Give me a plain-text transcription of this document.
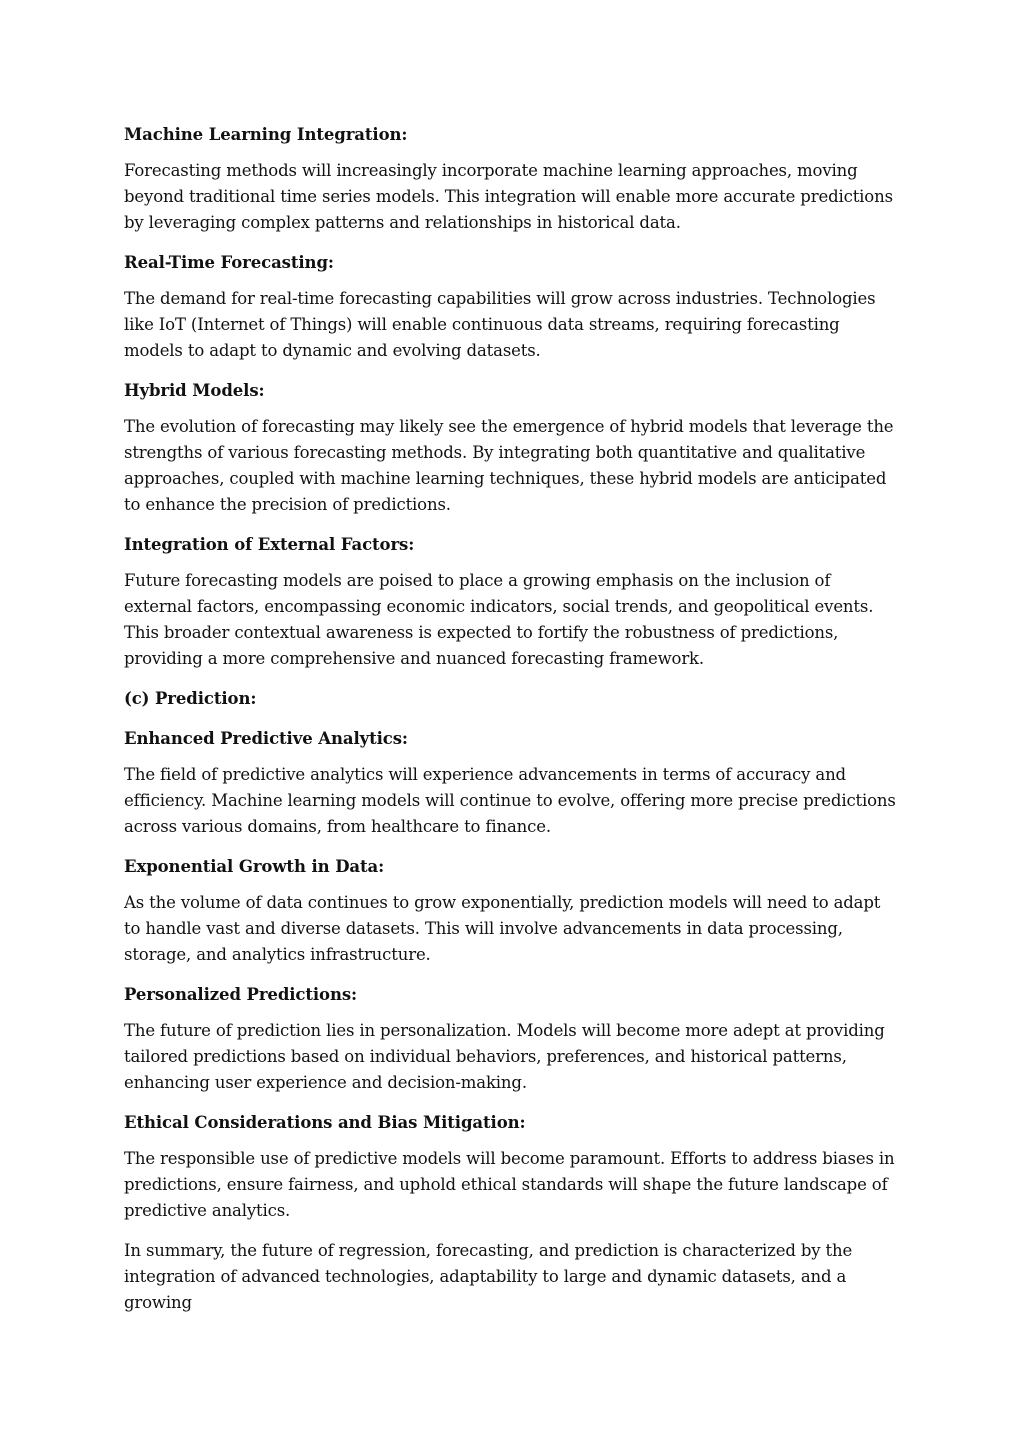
Machine Learning Integration:

Forecasting methods will increasingly incorporate machine learning approaches, moving beyond traditional time series models. This integration will enable more accurate predictions by leveraging complex patterns and relationships in historical data.

Real-Time Forecasting:

The demand for real-time forecasting capabilities will grow across industries. Technologies like IoT (Internet of Things) will enable continuous data streams, requiring forecasting models to adapt to dynamic and evolving datasets.

Hybrid Models:

The evolution of forecasting may likely see the emergence of hybrid models that leverage the strengths of various forecasting methods. By integrating both quantitative and qualitative approaches, coupled with machine learning techniques, these hybrid models are anticipated to enhance the precision of predictions.

Integration of External Factors:

Future forecasting models are poised to place a growing emphasis on the inclusion of external factors, encompassing economic indicators, social trends, and geopolitical events. This broader contextual awareness is expected to fortify the robustness of predictions, providing a more comprehensive and nuanced forecasting framework.

(c) Prediction:

Enhanced Predictive Analytics:

The field of predictive analytics will experience advancements in terms of accuracy and efficiency. Machine learning models will continue to evolve, offering more precise predictions across various domains, from healthcare to finance.

Exponential Growth in Data:

As the volume of data continues to grow exponentially, prediction models will need to adapt to handle vast and diverse datasets. This will involve advancements in data processing, storage, and analytics infrastructure.

Personalized Predictions:

The future of prediction lies in personalization. Models will become more adept at providing tailored predictions based on individual behaviors, preferences, and historical patterns, enhancing user experience and decision-making.

Ethical Considerations and Bias Mitigation:

The responsible use of predictive models will become paramount. Efforts to address biases in predictions, ensure fairness, and uphold ethical standards will shape the future landscape of predictive analytics.

In summary, the future of regression, forecasting, and prediction is characterized by the integration of advanced technologies, adaptability to large and dynamic datasets, and a growing
